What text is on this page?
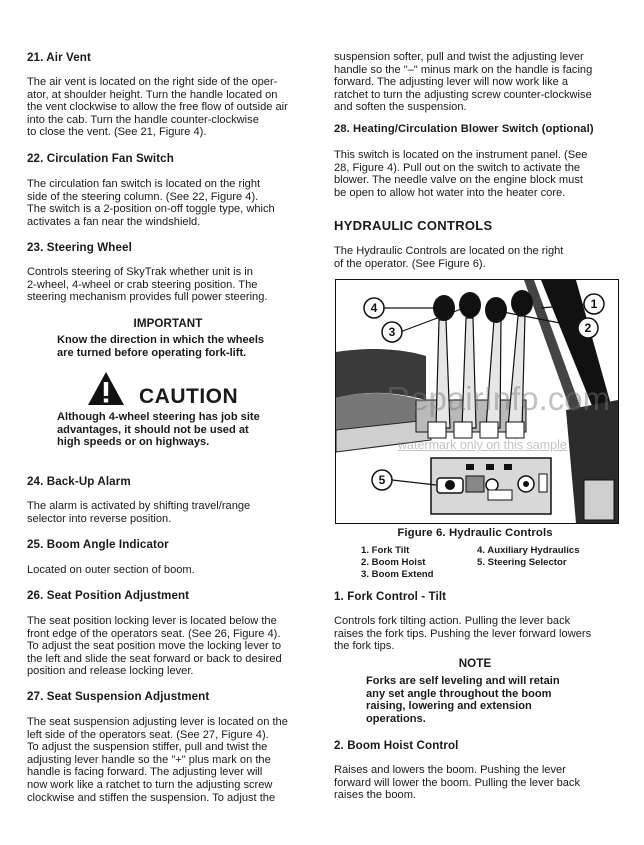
21. Air Vent
The air vent is located on the right side of the oper-
ator, at shoulder height. Turn the handle located on
the vent clockwise to allow the free flow of outside air
into the cab. Turn the handle counter-clockwise
to close the vent. (See 21, Figure 4).
22. Circulation Fan Switch
The circulation fan switch is located on the right
side of the steering column. (See 22, Figure 4).
The switch is a 2-position on-off toggle type, which
activates a fan near the windshield.
23. Steering Wheel
Controls steering of SkyTrak whether unit is in
2-wheel, 4-wheel or crab steering position. The
steering mechanism provides full power steering.
IMPORTANT
Know the direction in which the wheels
are turned before operating fork-lift.
CAUTION
Although 4-wheel steering has job site
advantages, it should not be used at
high speeds or on highways.
24. Back-Up Alarm
The alarm is activated by shifting travel/range
selector into reverse position.
25. Boom Angle Indicator
Located on outer section of boom.
26. Seat Position Adjustment
The seat position locking lever is located below the
front edge of the operators seat. (See 26, Figure 4).
To adjust the seat position move the locking lever to
the left and slide the seat forward or back to desired
position and release locking lever.
27. Seat Suspension Adjustment
The seat suspension adjusting lever is located on the
left side of the operators seat. (See 27, Figure 4).
To adjust the suspension stiffer, pull and twist the
adjusting lever handle so the "+" plus mark on the
handle is facing forward. The adjusting lever will
now work like a ratchet to turn the adjusting screw
clockwise and stiffen the suspension. To adjust the
suspension softer, pull and twist the adjusting lever
handle so the "–" minus mark on the handle is facing
forward. The adjusting lever will now work like a
ratchet to turn the adjusting screw counter-clockwise
and soften the suspension.
28. Heating/Circulation Blower Switch (optional)
This switch is located on the instrument panel. (See
28, Figure 4). Pull out on the switch to activate the
blower. The needle valve on the engine block must
be open to allow hot water into the heater core.
HYDRAULIC CONTROLS
The Hydraulic Controls are located on the right
of the operator. (See Figure 6).
Figure 6. Hydraulic Controls
1. Fork Tilt
2. Boom Hoist
3. Boom Extend
4. Auxiliary Hydraulics
5. Steering Selector
1. Fork Control - Tilt
Controls fork tilting action. Pulling the lever back
raises the fork tips. Pushing the lever forward lowers
the fork tips.
NOTE
Forks are self leveling and will retain
any set angle throughout the boom
raising, lowering and extension
operations.
2. Boom Hoist Control
Raises and lowers the boom. Pushing the lever
forward will lower the boom. Pulling the lever back
raises the boom.
1
2
3
4
5
eRepairInfo.com
watermark only on this sample
